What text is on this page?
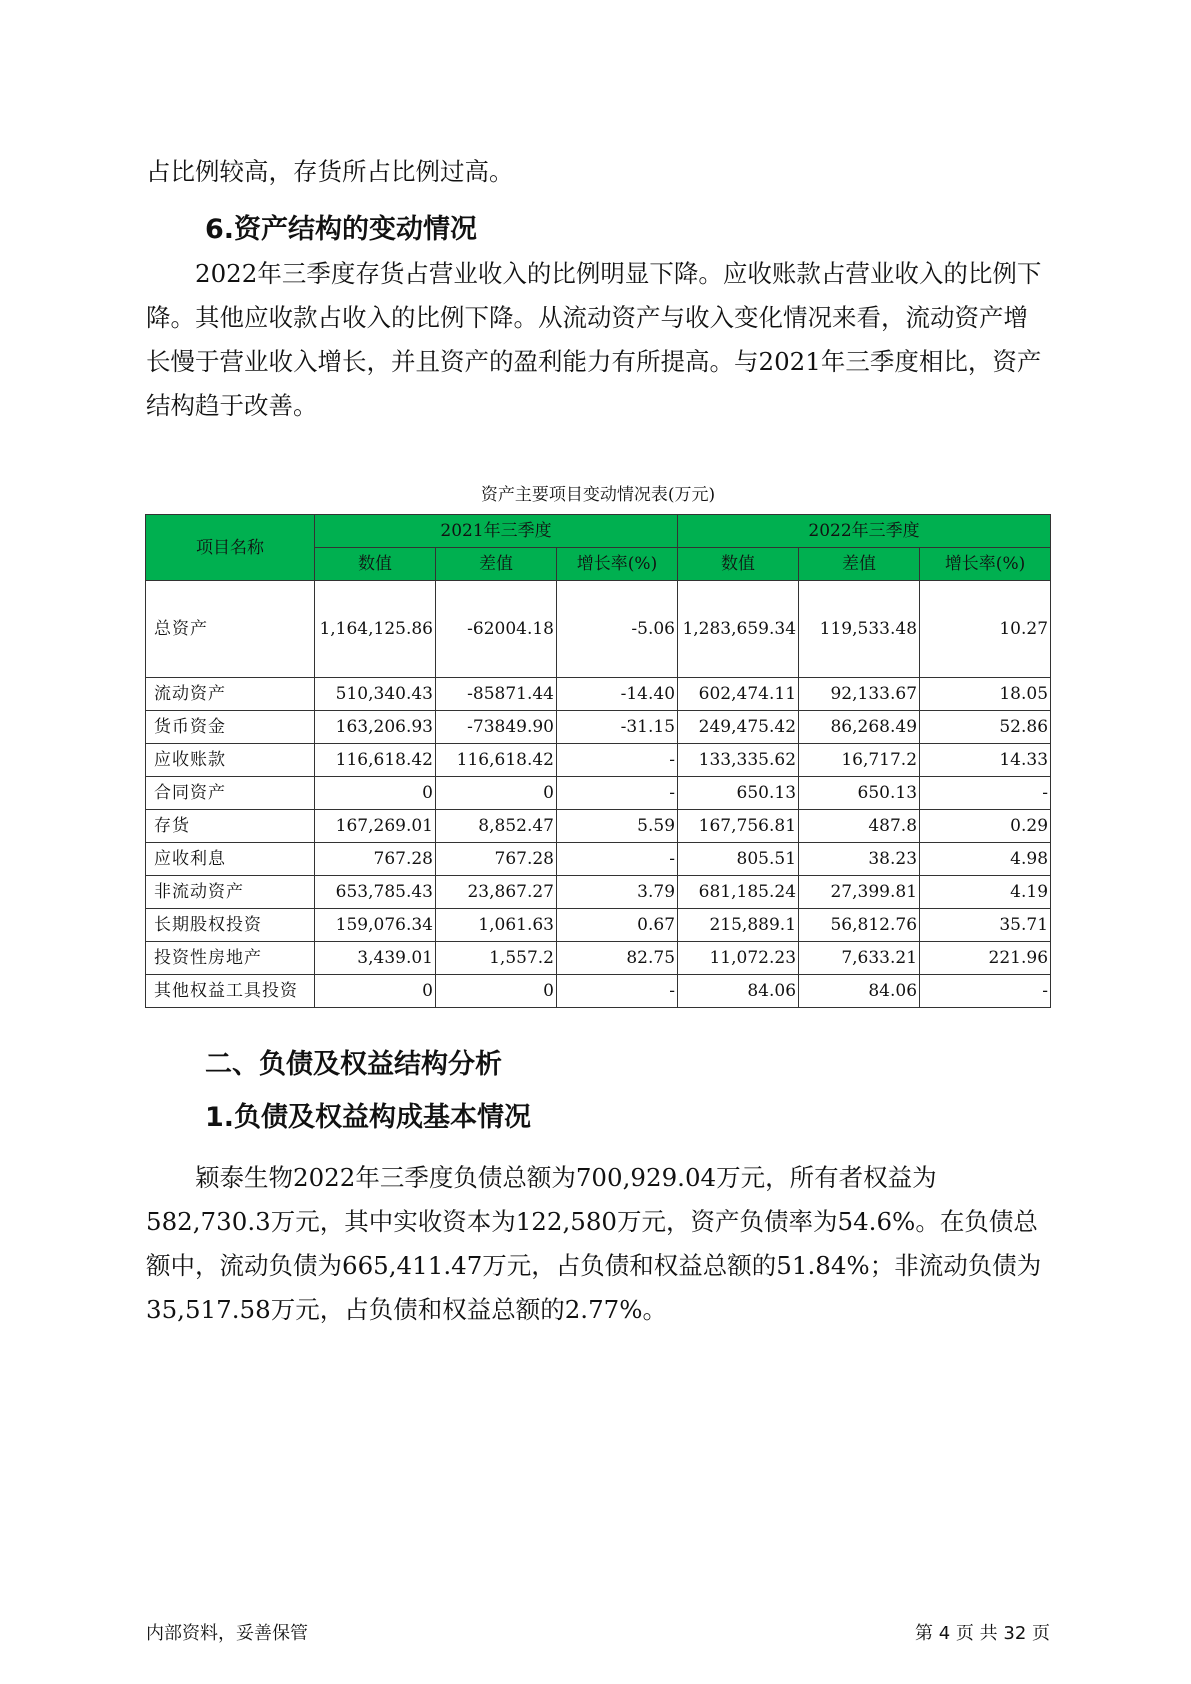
占比例较高，存货所占比例过高。

6.资产结构的变动情况

2022年三季度存货占营业收入的比例明显下降。应收账款占营业收入的比例下降。其他应收款占收入的比例下降。从流动资产与收入变化情况来看，流动资产增长慢于营业收入增长，并且资产的盈利能力有所提高。与2021年三季度相比，资产结构趋于改善。

资产主要项目变动情况表(万元)
项目名称	2021年三季度			2022年三季度		
	数值	差值	增长率(%)	数值	差值	增长率(%)
总资产	1,164,125.86	-62004.18	-5.06	1,283,659.34	119,533.48	10.27
流动资产	510,340.43	-85871.44	-14.40	602,474.11	92,133.67	18.05
货币资金	163,206.93	-73849.90	-31.15	249,475.42	86,268.49	52.86
应收账款	116,618.42	116,618.42	-	133,335.62	16,717.2	14.33
合同资产	0	0	-	650.13	650.13	-
存货	167,269.01	8,852.47	5.59	167,756.81	487.8	0.29
应收利息	767.28	767.28	-	805.51	38.23	4.98
非流动资产	653,785.43	23,867.27	3.79	681,185.24	27,399.81	4.19
长期股权投资	159,076.34	1,061.63	0.67	215,889.1	56,812.76	35.71
投资性房地产	3,439.01	1,557.2	82.75	11,072.23	7,633.21	221.96
其他权益工具投资	0	0	-	84.06	84.06	-
二、负债及权益结构分析
1.负债及权益构成基本情况

颖泰生物2022年三季度负债总额为700,929.04万元，所有者权益为582,730.3万元，其中实收资本为122,580万元，资产负债率为54.6%。在负债总额中，流动负债为665,411.47万元，占负债和权益总额的51.84%；非流动负债为35,517.58万元，占负债和权益总额的2.77%。

内部资料，妥善保管	第 4 页 共 32 页
